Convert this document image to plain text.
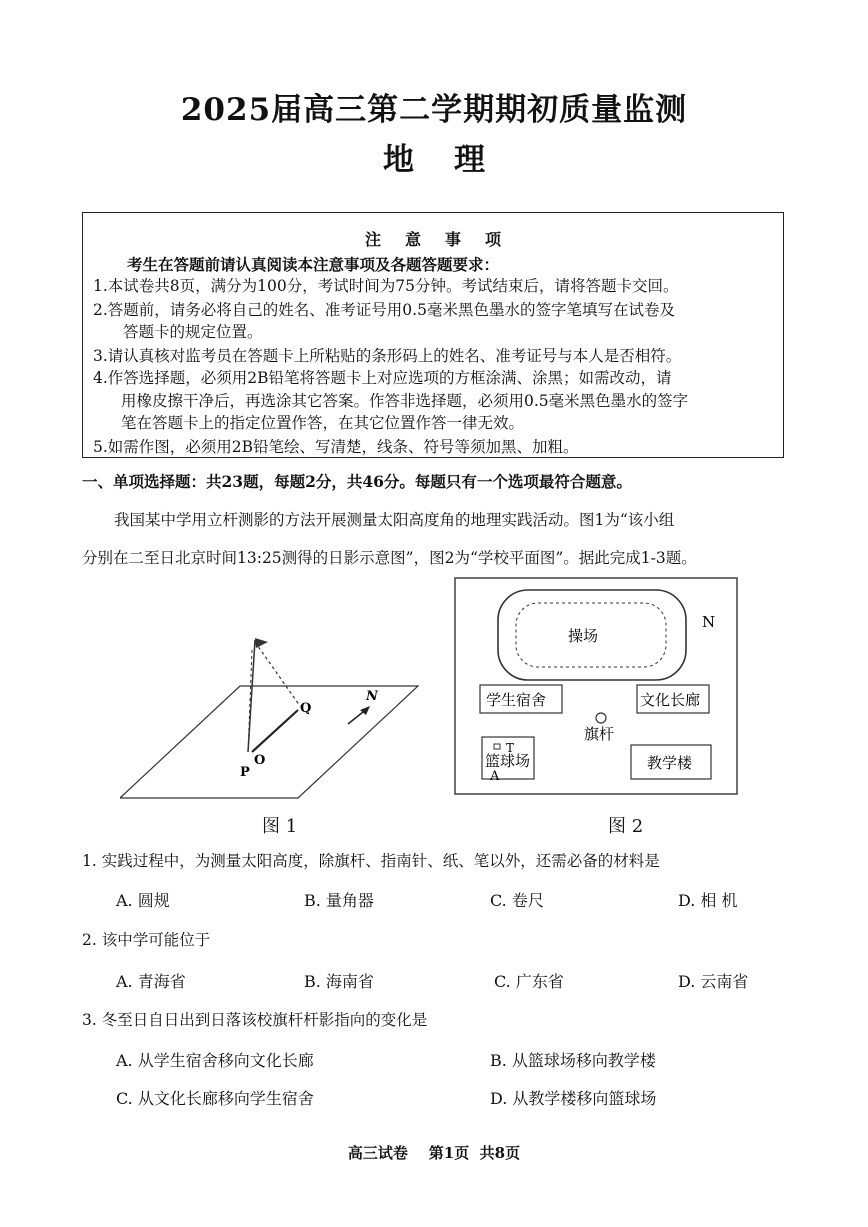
2025届高三第二学期期初质量监测
地理
注意事项
考生在答题前请认真阅读本注意事项及各题答题要求：
1.本试卷共8页，满分为100分，考试时间为75分钟。考试结束后，请将答题卡交回。
2.答题前，请务必将自己的姓名、准考证号用0.5毫米黑色墨水的签字笔填写在试卷及
答题卡的规定位置。
3.请认真核对监考员在答题卡上所粘贴的条形码上的姓名、准考证号与本人是否相符。
4.作答选择题，必须用2B铅笔将答题卡上对应选项的方框涂满、涂黑；如需改动，请
用橡皮擦干净后，再选涂其它答案。作答非选择题，必须用0.5毫米黑色墨水的签字
笔在答题卡上的指定位置作答，在其它位置作答一律无效。
5.如需作图，必须用2B铅笔绘、写清楚，线条、符号等须加黑、加粗。
一、单项选择题：共23题，每题2分，共46分。每题只有一个选项最符合题意。
我国某中学用立杆测影的方法开展测量太阳高度角的地理实践活动。图1为“该小组
分别在二至日北京时间13:25测得的日影示意图”，图2为“学校平面图”。据此完成1-3题。
P
O
Q
N
图 1
操场
N
学生宿舍	文化长廊
旗杆
T
篮球场
A
教学楼
图 2
1. 实践过程中，为测量太阳高度，除旗杆、指南针、纸、笔以外，还需必备的材料是
A. 圆规	B. 量角器	C. 卷尺	D. 相 机
2. 该中学可能位于
A. 青海省	B. 海南省	C. 广东省	D. 云南省
3. 冬至日自日出到日落该校旗杆杆影指向的变化是
A. 从学生宿舍移向文化长廊	B. 从篮球场移向教学楼
C. 从文化长廊移向学生宿舍	D. 从教学楼移向篮球场
高三试卷    第1页  共8页
